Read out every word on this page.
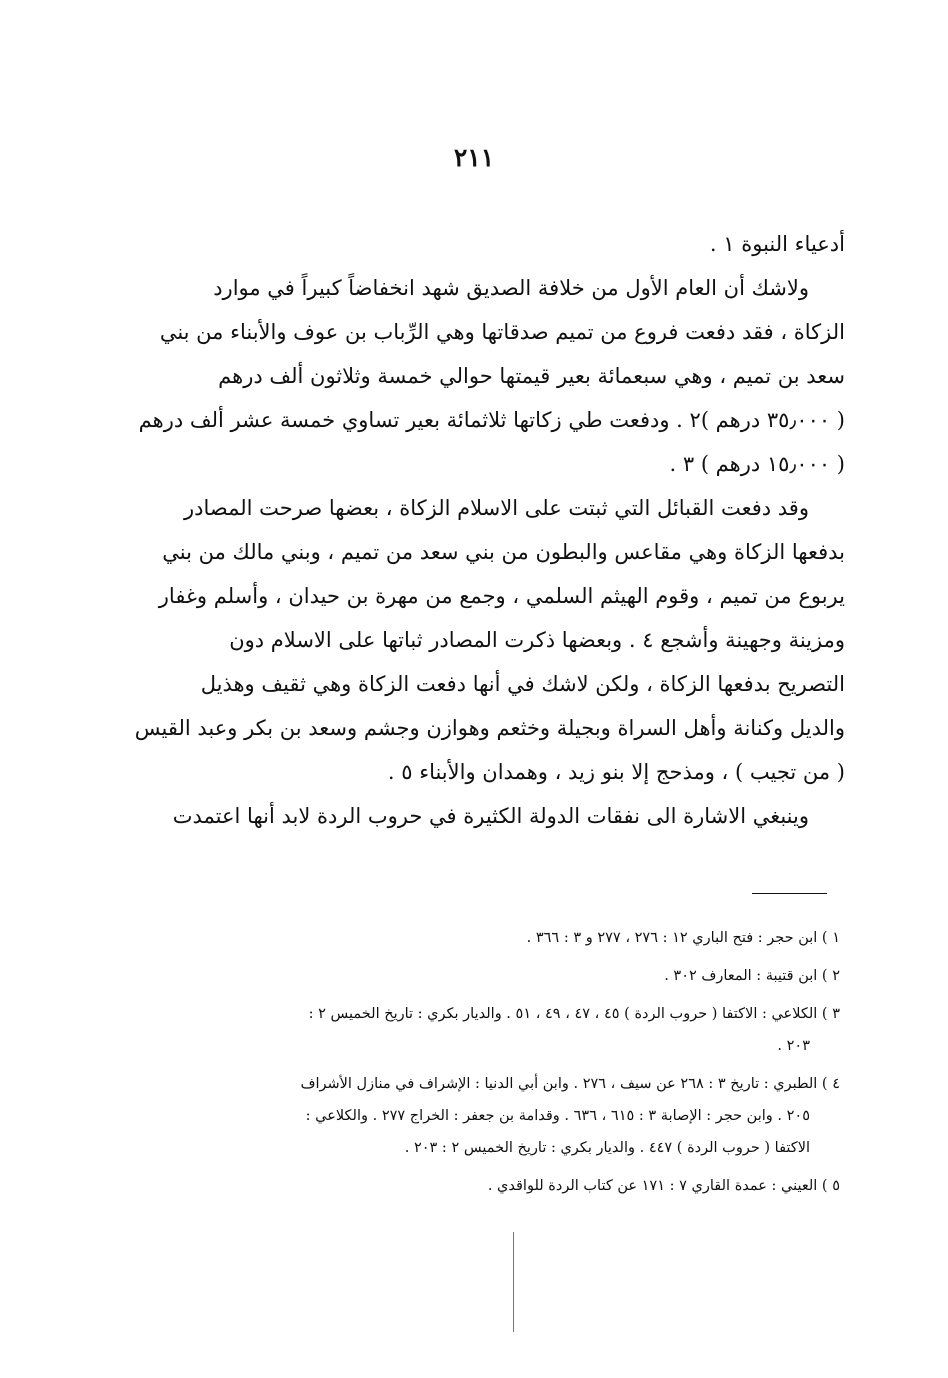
٢١١
أدعياء النبوة ١ .
ولاشك أن العام الأول من خلافة الصديق شهد انخفاضاً كبيراً في موارد
الزكاة ، فقد دفعت فروع من تميم صدقاتها وهي الرِّباب بن عوف والأبناء من بني
سعد بن تميم ، وهي سبعمائة بعير قيمتها حوالي خمسة وثلاثون ألف درهم
( ٣٥٫٠٠٠ درهم )٢ . ودفعت طي زكاتها ثلاثمائة بعير تساوي خمسة عشر ألف درهم
( ١٥٫٠٠٠ درهم ) ٣ .
وقد دفعت القبائل التي ثبتت على الاسلام الزكاة ، بعضها صرحت المصادر
بدفعها الزكاة وهي مقاعس والبطون من بني سعد من تميم ، وبني مالك من بني
يربوع من تميم ، وقوم الهيثم السلمي ، وجمع من مهرة بن حيدان ، وأسلم وغفار
ومزينة وجهينة وأشجع ٤ . وبعضها ذكرت المصادر ثباتها على الاسلام دون
التصريح بدفعها الزكاة ، ولكن لاشك في أنها دفعت الزكاة وهي ثقيف وهذيل
والديل وكنانة وأهل السراة وبجيلة وخثعم وهوازن وجشم وسعد بن بكر وعبد القيس
( من تجيب ) ، ومذحج إلا بنو زيد ، وهمدان والأبناء ٥ .
وينبغي الاشارة الى نفقات الدولة الكثيرة في حروب الردة لابد أنها اعتمدت
١ ) ابن حجر : فتح الباري ١٢ : ٢٧٦ ، ٢٧٧ و ٣ : ٣٦٦ .
٢ ) ابن قتيبة : المعارف ٣٠٢ .
٣ ) الكلاعي : الاكتفا ( حروب الردة ) ٤٥ ، ٤٧ ، ٤٩ ، ٥١ . والديار بكري : تاريخ الخميس ٢ :
٢٠٣ .
٤ ) الطبري : تاريخ ٣ : ٢٦٨ عن سيف ، ٢٧٦ . وابن أبي الدنيا : الإشراف في منازل الأشراف
٢٠٥ . وابن حجر : الإصابة ٣ : ٦١٥ ، ٦٣٦ . وقدامة بن جعفر : الخراج ٢٧٧ . والكلاعي :
الاكتفا ( حروب الردة ) ٤٤٧ . والديار بكري : تاريخ الخميس ٢ : ٢٠٣ .
٥ ) العيني : عمدة القاري ٧ : ١٧١ عن كتاب الردة للواقدي .
